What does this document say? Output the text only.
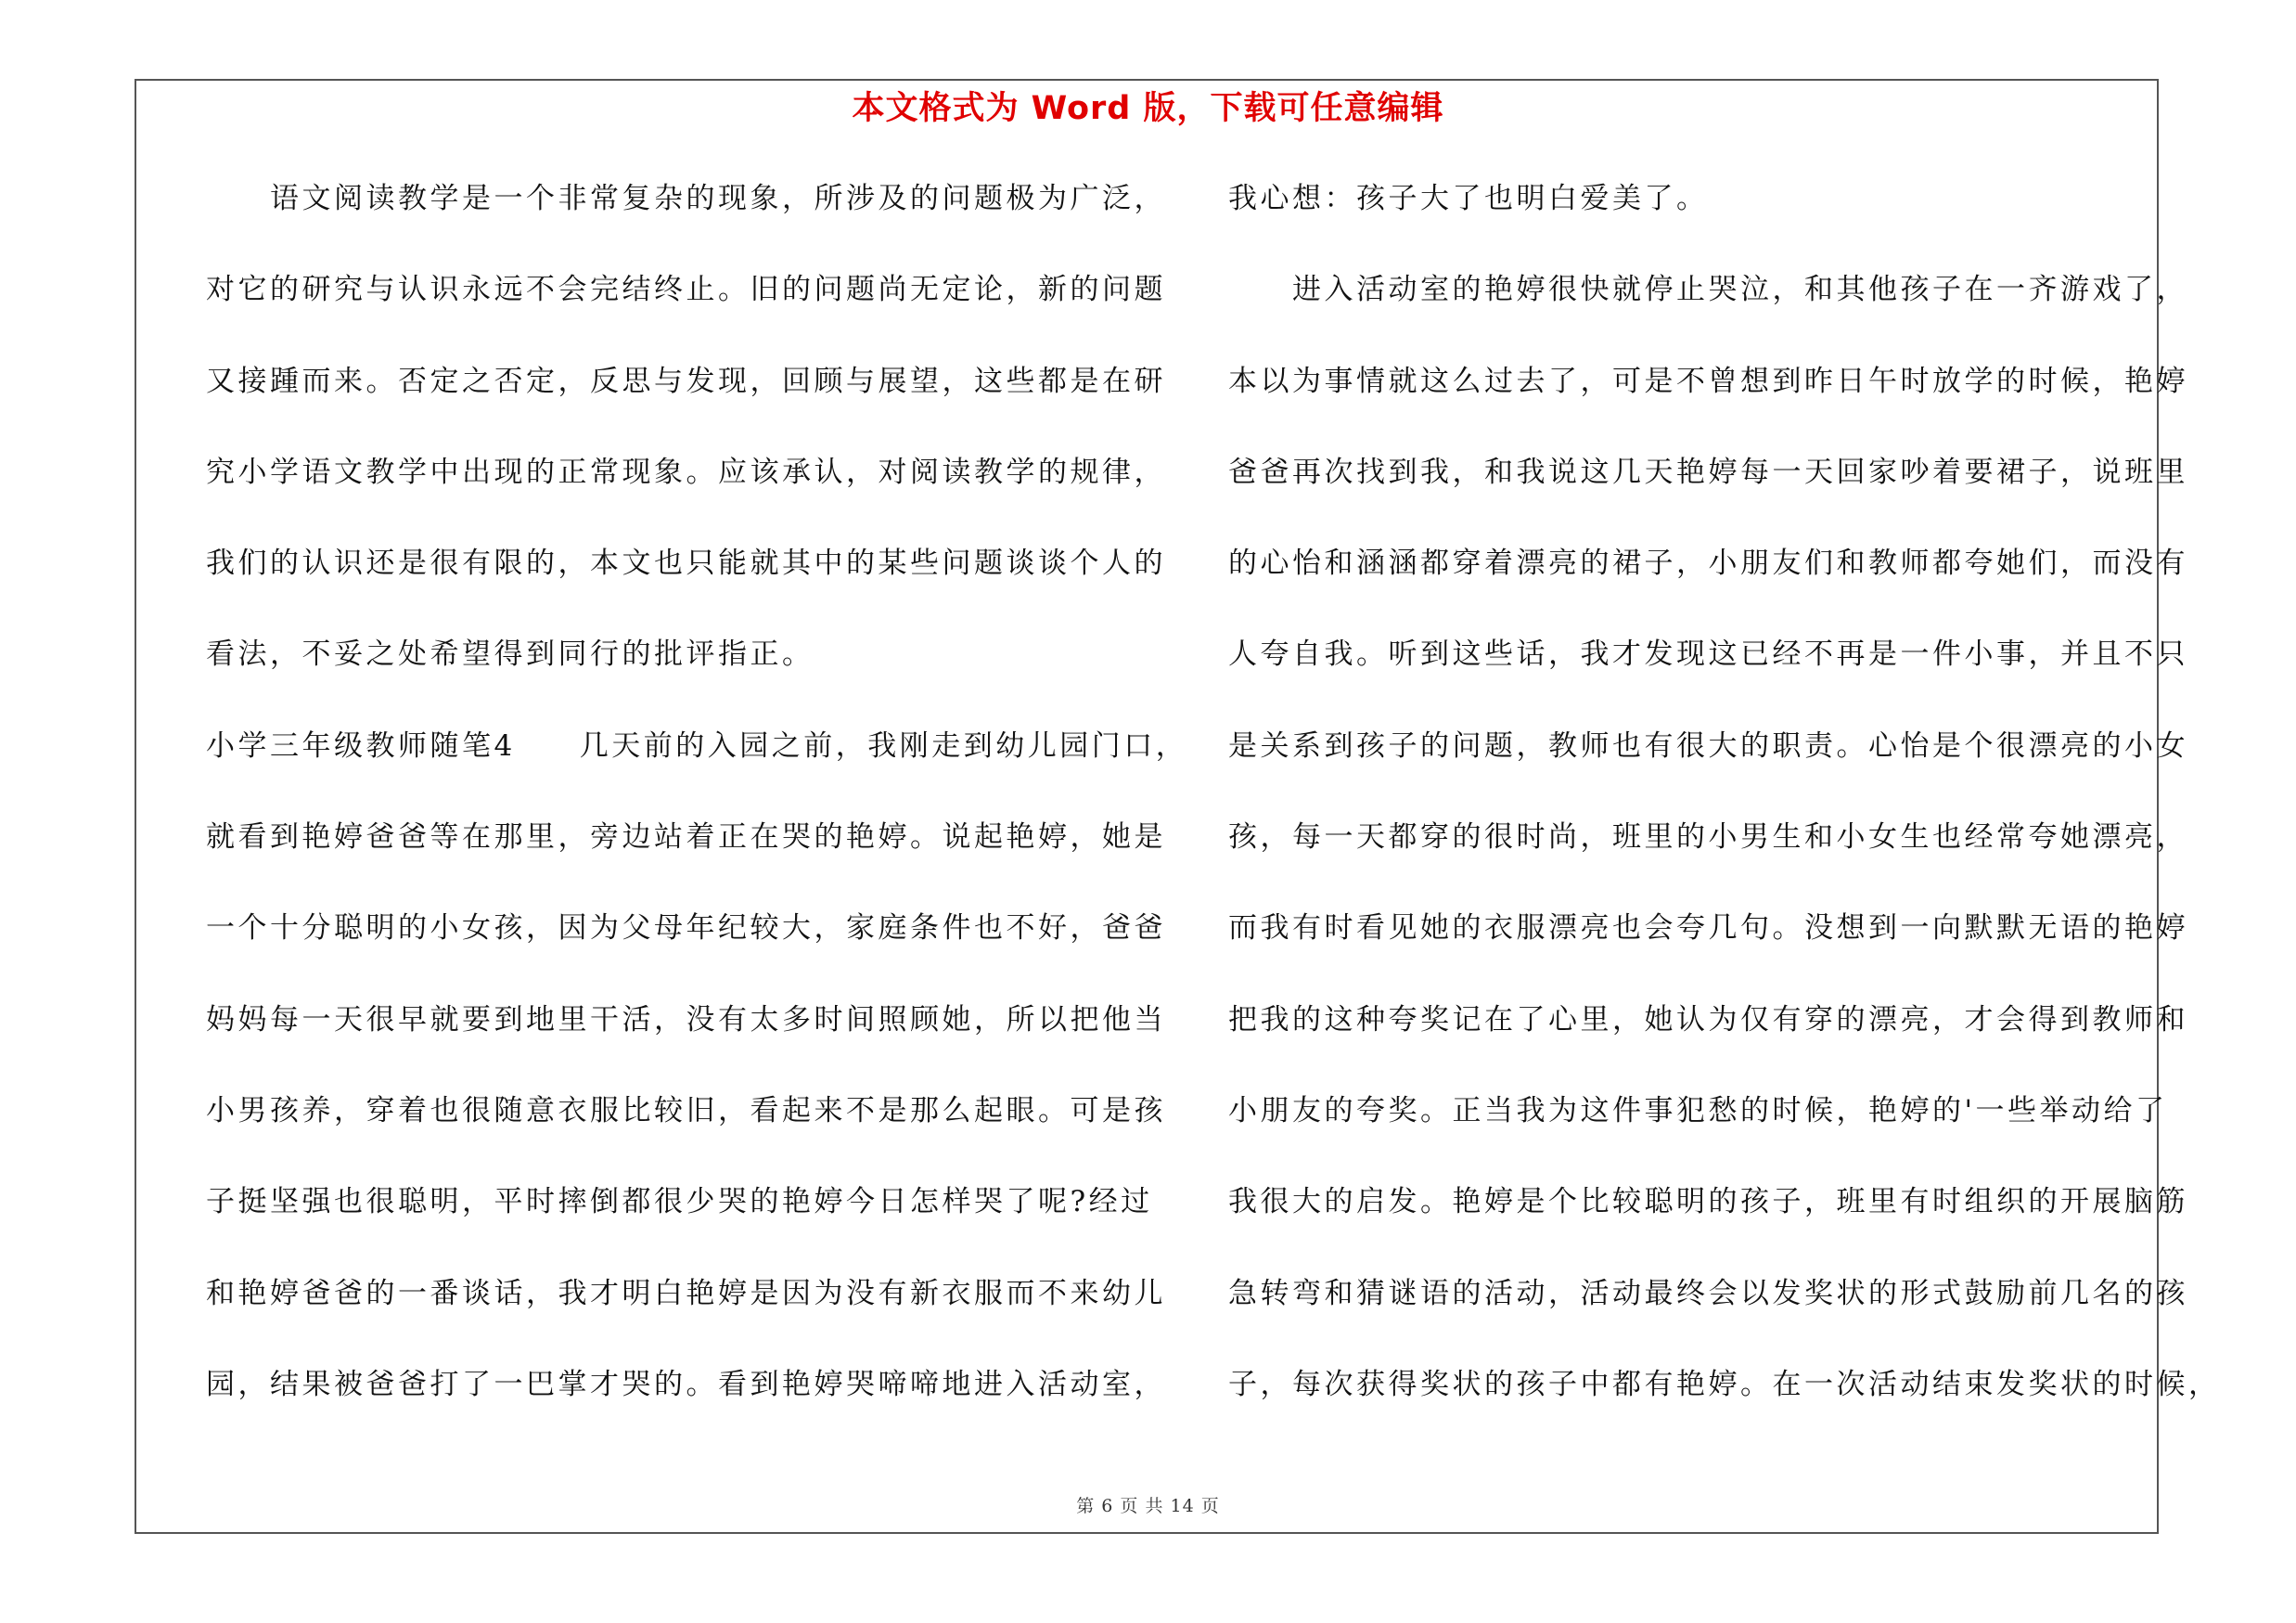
本文格式为 Word 版，下载可任意编辑
　　语文阅读教学是一个非常复杂的现象，所涉及的问题极为广泛，
对它的研究与认识永远不会完结终止。旧的问题尚无定论，新的问题
又接踵而来。否定之否定，反思与发现，回顾与展望，这些都是在研
究小学语文教学中出现的正常现象。应该承认，对阅读教学的规律，
我们的认识还是很有限的，本文也只能就其中的某些问题谈谈个人的
看法，不妥之处希望得到同行的批评指正。
小学三年级教师随笔4　　几天前的入园之前，我刚走到幼儿园门口，
就看到艳婷爸爸等在那里，旁边站着正在哭的艳婷。说起艳婷，她是
一个十分聪明的小女孩，因为父母年纪较大，家庭条件也不好，爸爸
妈妈每一天很早就要到地里干活，没有太多时间照顾她，所以把他当
小男孩养，穿着也很随意衣服比较旧，看起来不是那么起眼。可是孩
子挺坚强也很聪明，平时摔倒都很少哭的艳婷今日怎样哭了呢?经过
和艳婷爸爸的一番谈话，我才明白艳婷是因为没有新衣服而不来幼儿
园，结果被爸爸打了一巴掌才哭的。看到艳婷哭啼啼地进入活动室，
我心想：孩子大了也明白爱美了。
　　进入活动室的艳婷很快就停止哭泣，和其他孩子在一齐游戏了，
本以为事情就这么过去了，可是不曾想到昨日午时放学的时候，艳婷
爸爸再次找到我，和我说这几天艳婷每一天回家吵着要裙子，说班里
的心怡和涵涵都穿着漂亮的裙子，小朋友们和教师都夸她们，而没有
人夸自我。听到这些话，我才发现这已经不再是一件小事，并且不只
是关系到孩子的问题，教师也有很大的职责。心怡是个很漂亮的小女
孩，每一天都穿的很时尚，班里的小男生和小女生也经常夸她漂亮，
而我有时看见她的衣服漂亮也会夸几句。没想到一向默默无语的艳婷
把我的这种夸奖记在了心里，她认为仅有穿的漂亮，才会得到教师和
小朋友的夸奖。正当我为这件事犯愁的时候，艳婷的'一些举动给了
我很大的启发。艳婷是个比较聪明的孩子，班里有时组织的开展脑筋
急转弯和猜谜语的活动，活动最终会以发奖状的形式鼓励前几名的孩
子，每次获得奖状的孩子中都有艳婷。在一次活动结束发奖状的时候，
第 6 页 共 14 页
